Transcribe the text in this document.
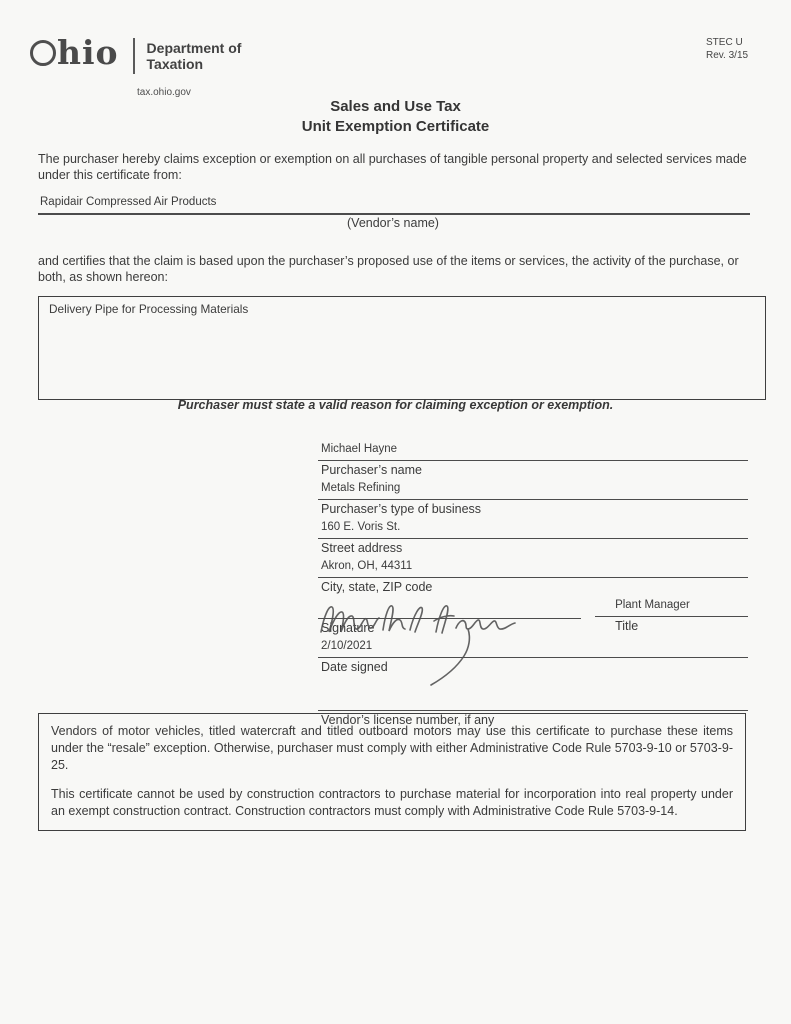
hio Department of
Taxation
tax.ohio.gov
STEC U
Rev. 3/15
Sales and Use Tax
Unit Exemption Certificate
The purchaser hereby claims exception or exemption on all purchases of tangible personal property and selected services made under this certificate from:
Rapidair Compressed Air Products
(Vendor’s name)
and certifies that the claim is based upon the purchaser’s proposed use of the items or services, the activity of the purchase, or both, as shown hereon:
Delivery Pipe for Processing Materials
Purchaser must state a valid reason for claiming exception or exemption.
Michael Hayne
Purchaser’s name
Metals Refining
Purchaser’s type of business
160 E. Voris St.
Street address
Akron, OH, 44311
City, state, ZIP code
Signature
Plant Manager
Title
2/10/2021
Date signed
Vendor’s license number, if any

Vendors of motor vehicles, titled watercraft and titled outboard motors may use this certificate to purchase these items under the “resale” exception. Otherwise, purchaser must comply with either Administrative Code Rule 5703-9-10 or 5703-9-25.

This certificate cannot be used by construction contractors to purchase material for incorporation into real property under an exempt construction contract. Construction contractors must comply with Administrative Code Rule 5703-9-14.
